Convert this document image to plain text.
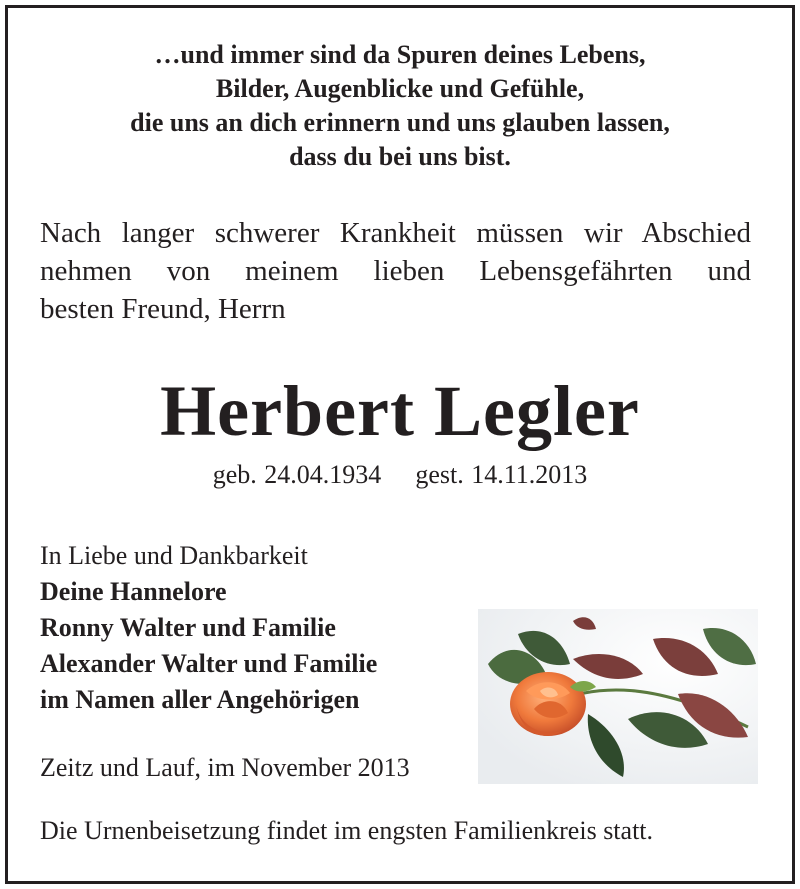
…und immer sind da Spuren deines Lebens,
Bilder, Augenblicke und Gefühle,
die uns an dich erinnern und uns glauben lassen,
dass du bei uns bist.
Nach langer schwerer Krankheit müssen wir Abschied
nehmen von meinem lieben Lebensgefährten und
besten Freund, Herrn
Herbert Legler
geb. 24.04.1934 gest. 14.11.2013
In Liebe und Dankbarkeit
Deine Hannelore
Ronny Walter und Familie
Alexander Walter und Familie
im Namen aller Angehörigen
Zeitz und Lauf, im November 2013
Die Urnenbeisetzung findet im engsten Familienkreis statt.
